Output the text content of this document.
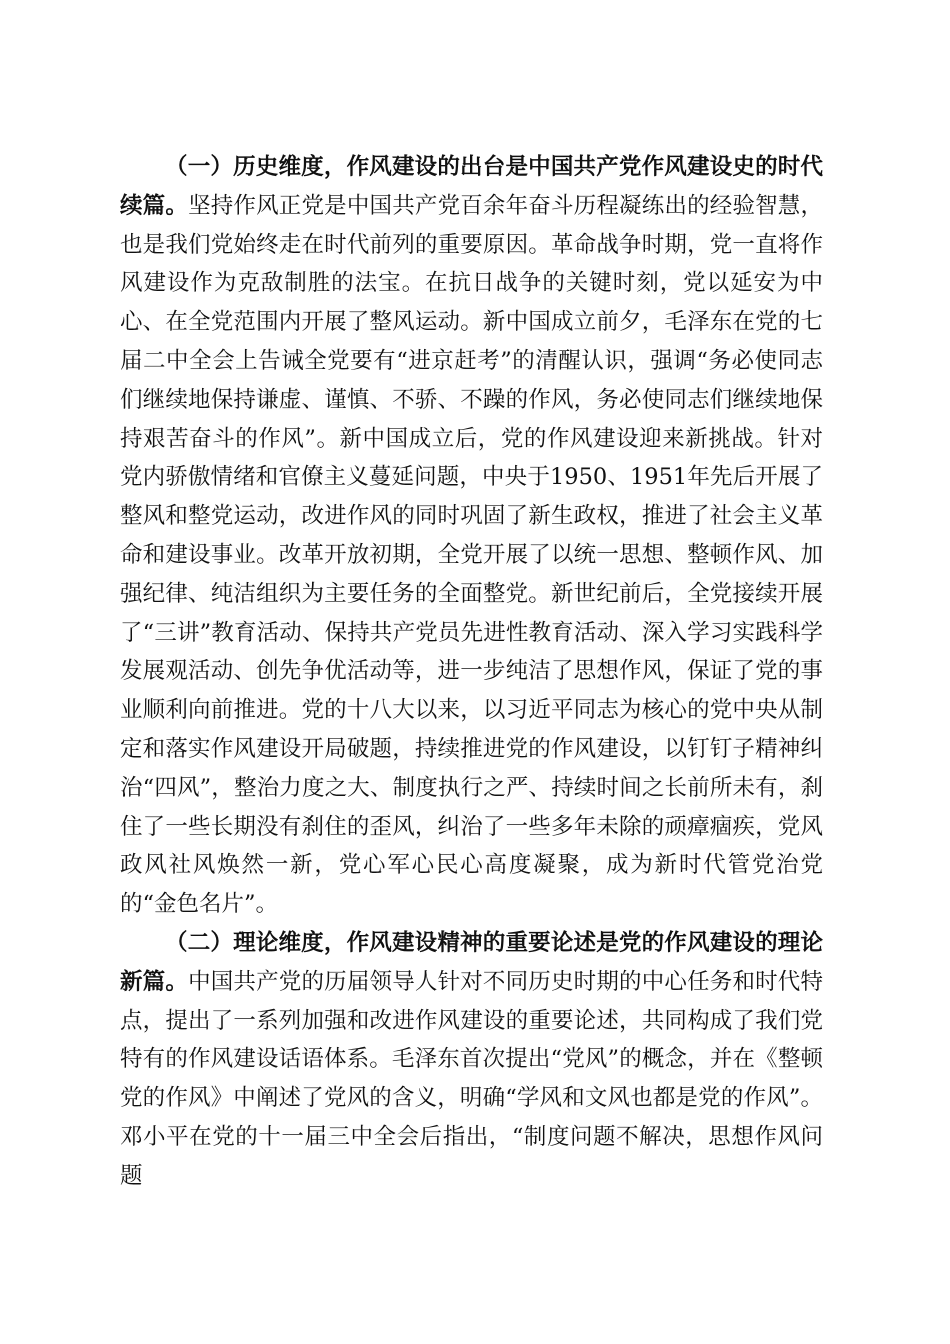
（一）历史维度，作风建设的出台是中国共产党作风建设史的时代续篇。坚持作风正党是中国共产党百余年奋斗历程凝练出的经验智慧，也是我们党始终走在时代前列的重要原因。革命战争时期，党一直将作风建设作为克敌制胜的法宝。在抗日战争的关键时刻，党以延安为中心、在全党范围内开展了整风运动。新中国成立前夕，毛泽东在党的七届二中全会上告诫全党要有“进京赶考”的清醒认识，强调“务必使同志们继续地保持谦虚、谨慎、不骄、不躁的作风，务必使同志们继续地保持艰苦奋斗的作风”。新中国成立后，党的作风建设迎来新挑战。针对党内骄傲情绪和官僚主义蔓延问题，中央于1950、1951年先后开展了整风和整党运动，改进作风的同时巩固了新生政权，推进了社会主义革命和建设事业。改革开放初期，全党开展了以统一思想、整顿作风、加强纪律、纯洁组织为主要任务的全面整党。新世纪前后，全党接续开展了“三讲”教育活动、保持共产党员先进性教育活动、深入学习实践科学发展观活动、创先争优活动等，进一步纯洁了思想作风，保证了党的事业顺利向前推进。党的十八大以来，以习近平同志为核心的党中央从制定和落实作风建设开局破题，持续推进党的作风建设，以钉钉子精神纠治“四风”，整治力度之大、制度执行之严、持续时间之长前所未有，刹住了一些长期没有刹住的歪风，纠治了一些多年未除的顽瘴痼疾，党风政风社风焕然一新，党心军心民心高度凝聚，成为新时代管党治党的“金色名片”。

（二）理论维度，作风建设精神的重要论述是党的作风建设的理论新篇。中国共产党的历届领导人针对不同历史时期的中心任务和时代特点，提出了一系列加强和改进作风建设的重要论述，共同构成了我们党特有的作风建设话语体系。毛泽东首次提出“党风”的概念，并在《整顿党的作风》中阐述了党风的含义，明确“学风和文风也都是党的作风”。邓小平在党的十一届三中全会后指出，“制度问题不解决，思想作风问题
